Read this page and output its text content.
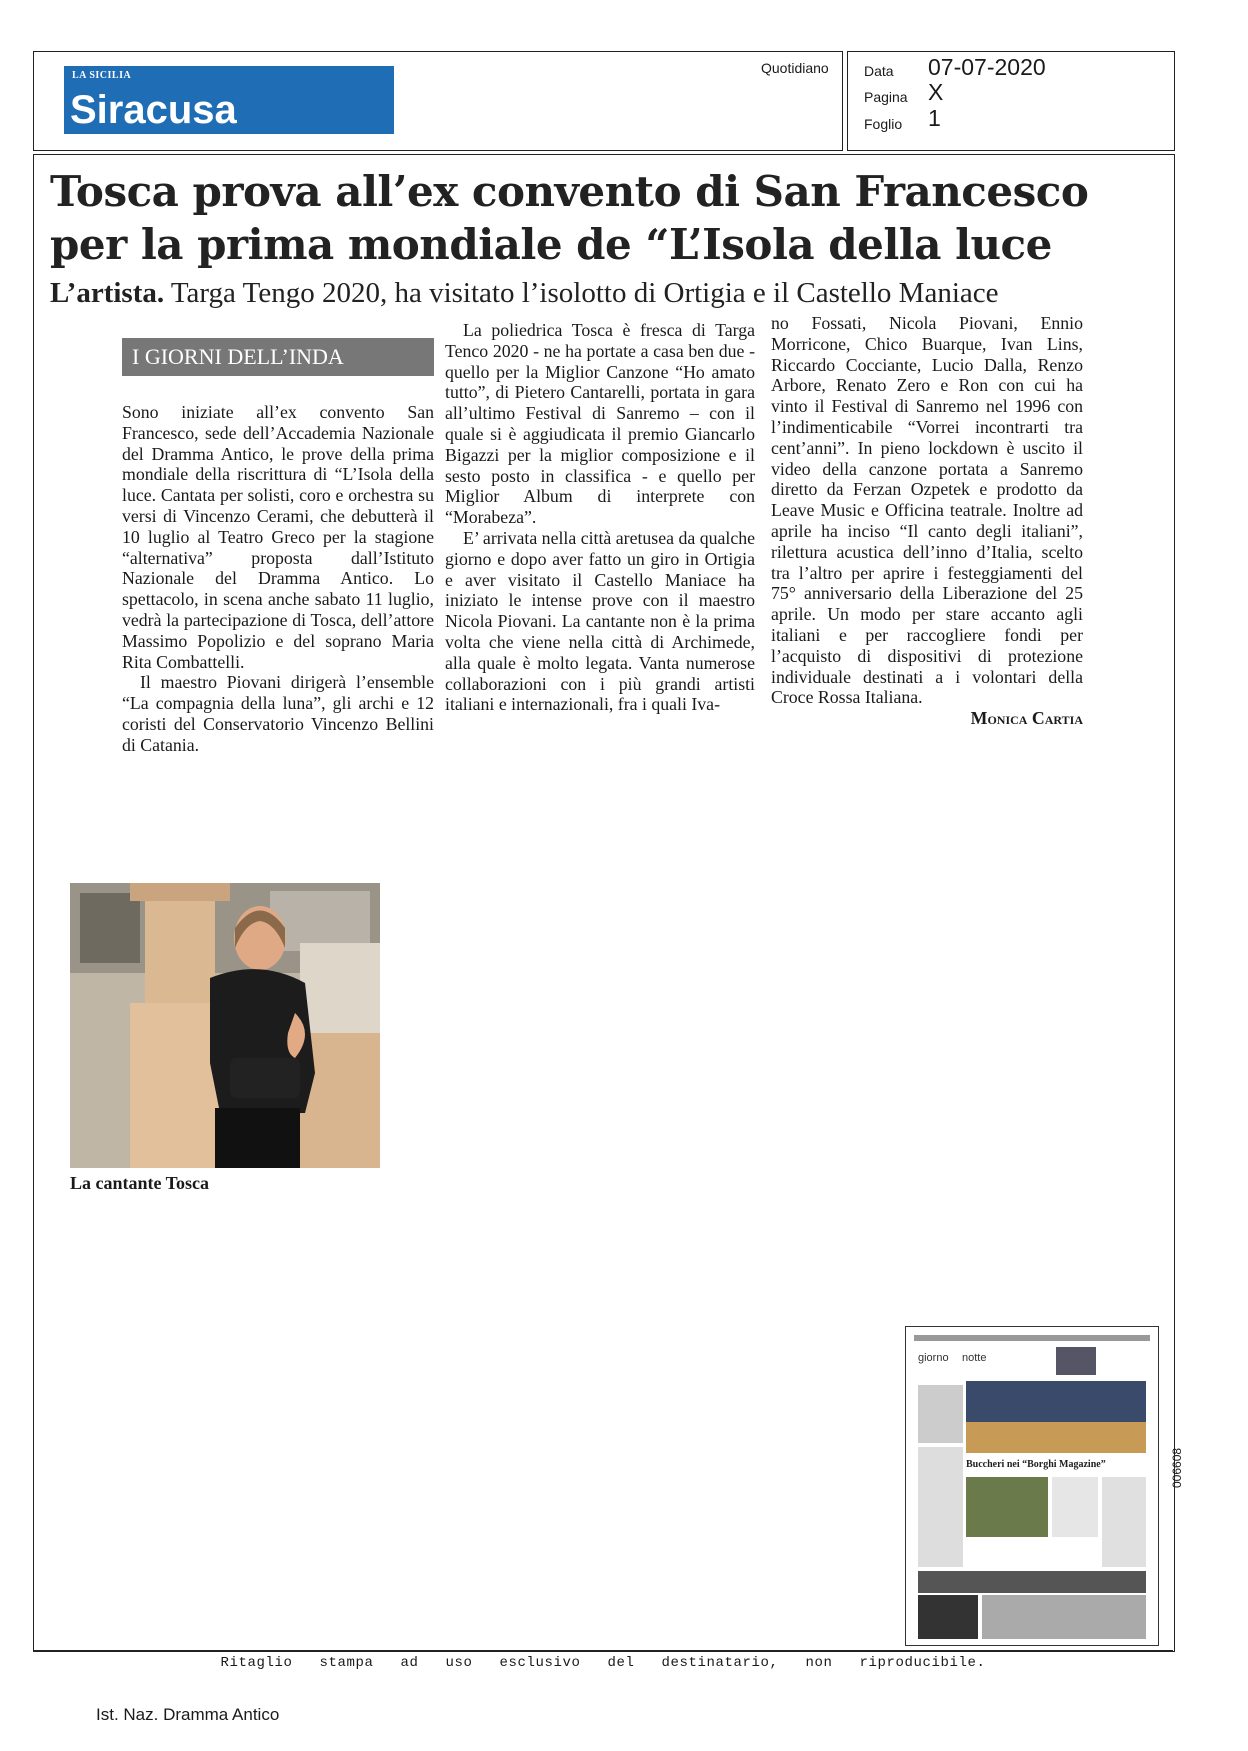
LA SICILIA
Siracusa
Quotidiano	Data 07-07-2020
Pagina X
Foglio 1
Tosca prova all’ex convento di San Francesco
per la prima mondiale de “L’Isola della luce
L’artista. Targa Tengo 2020, ha visitato l’isolotto di Ortigia e il Castello Maniace
I GIORNI DELL’INDA

Sono iniziate all’ex convento San Francesco, sede dell’Accademia Nazionale del Dramma Antico, le prove della prima mondiale della riscrittura di “L’Isola della luce. Cantata per solisti, coro e orchestra su versi di Vincenzo Cerami, che debutterà il 10 luglio al Teatro Greco per la stagione “alternativa” proposta dall’Istituto Nazionale del Dramma Antico. Lo spettacolo, in scena anche sabato 11 luglio, vedrà la partecipazione di Tosca, dell’attore Massimo Popolizio e del soprano Maria Rita Combattelli.

Il maestro Piovani dirigerà l’ensemble “La compagnia della luna”, gli archi e 12 coristi del Conservatorio Vincenzo Bellini di Catania.

La poliedrica Tosca è fresca di Targa Tenco 2020 - ne ha portate a casa ben due - quello per la Miglior Canzone “Ho amato tutto”, di Pietero Cantarelli, portata in gara all’ultimo Festival di Sanremo – con il quale si è aggiudicata il premio Giancarlo Bigazzi per la miglior composizione e il sesto posto in classifica - e quello per Miglior Album di interprete con “Morabeza”.

E’ arrivata nella città aretusea da qualche giorno e dopo aver fatto un giro in Ortigia e aver visitato il Castello Maniace ha iniziato le intense prove con il maestro Nicola Piovani. La cantante non è la prima volta che viene nella città di Archimede, alla quale è molto legata. Vanta numerose collaborazioni con i più grandi artisti italiani e internazionali, fra i quali Iva-

no Fossati, Nicola Piovani, Ennio Morricone, Chico Buarque, Ivan Lins, Riccardo Cocciante, Lucio Dalla, Renzo Arbore, Renato Zero e Ron con cui ha vinto il Festival di Sanremo nel 1996 con l’indimenticabile “Vorrei incontrarti tra cent’anni”. In pieno lockdown è uscito il video della canzone portata a Sanremo diretto da Ferzan Ozpetek e prodotto da Leave Music e Officina teatrale. Inoltre ad aprile ha inciso “Il canto degli italiani”, rilettura acustica dell’inno d’Italia, scelto tra l’altro per aprire i festeggiamenti del 75° anniversario della Liberazione del 25 aprile. Un modo per stare accanto agli italiani e per raccogliere fondi per l’acquisto di dispositivi di protezione individuale destinati a i volontari della Croce Rossa Italiana.

Monica Cartia

La cantante Tosca
giorno notte
Buccheri nei “Borghi Magazine”	006608
Ritaglio stampa ad uso esclusivo del destinatario, non riproducibile.
Ist. Naz. Dramma Antico
